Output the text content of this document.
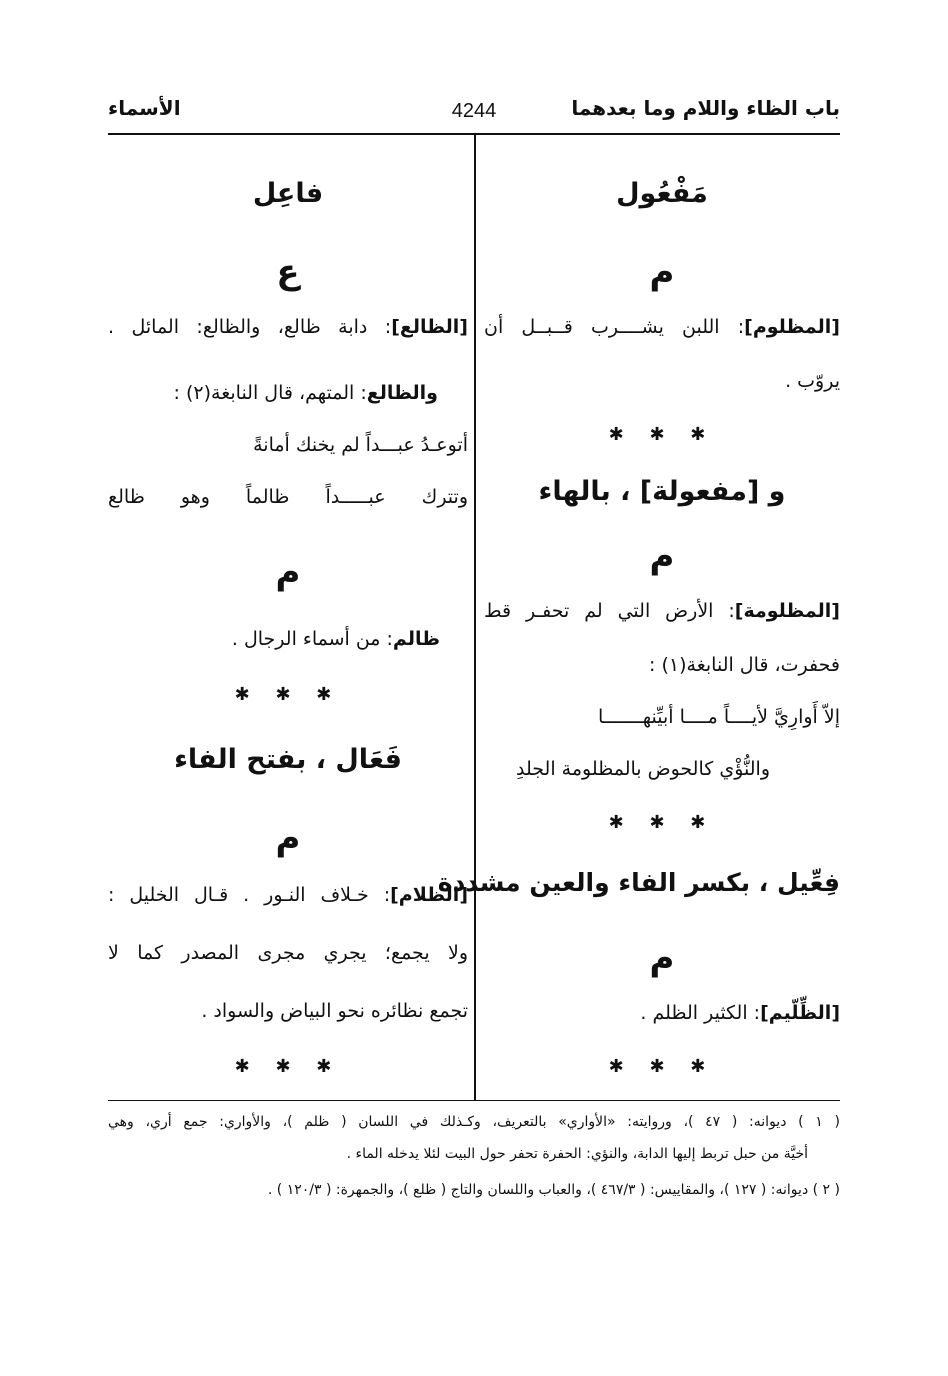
باب الظاء واللام وما بعدهما
4244
الأسماء
مَفْعُول
م
[المظلوم]: اللبن يشــــرب قــبــل أن
يروّب .
✱ ✱ ✱
و [مفعولة] ، بالهاء
م
[المظلومة]: الأرض التي لم تحفـر قط
فحفرت، قال النابغة(١) :
إلاّ أَوارِيَّ لأيــــاً مــــا أبيِّنهـــــــا
والنُّؤْي كالحوض بالمظلومة الجلدِ
✱ ✱ ✱
فِعِّيل ، بكسر الفاء والعين مشددة
م
[الظِّلّيم]: الكثير الظلم .
✱ ✱ ✱
فاعِل
ع
[الظالع]: دابة ظالع، والظالع: المائل .
والظالع: المتهم، قال النابغة(٢) :
أتوعـدُ عبـــداً لم يخنك أمانةً
وتترك عبـــــداً ظالماً وهو ظالع
م
ظالم: من أسماء الرجال .
✱ ✱ ✱
فَعَال ، بفتح الفاء
م
[الظلام]: خـلاف النـور . قـال الخليل :
ولا يجمع؛ يجري مجرى المصدر كما لا
تجمع نظائره نحو البياض والسواد .
✱ ✱ ✱
( ١ ) ديوانه: ( ٤٧ )، وروايته: «الأواري» بالتعريف، وكـذلك في اللسان ( ظلم )، والأواري: جمع أري، وهي
أخيَّة من حبل تربط إليها الدابة، والنؤي: الحفرة تحفر حول البيت لئلا يدخله الماء .
( ٢ ) ديوانه: ( ١٢٧ )، والمقاييس: ( ٤٦٧/٣ )، والعباب واللسان والتاج ( ظلع )، والجمهرة: ( ١٢٠/٣ ) .
